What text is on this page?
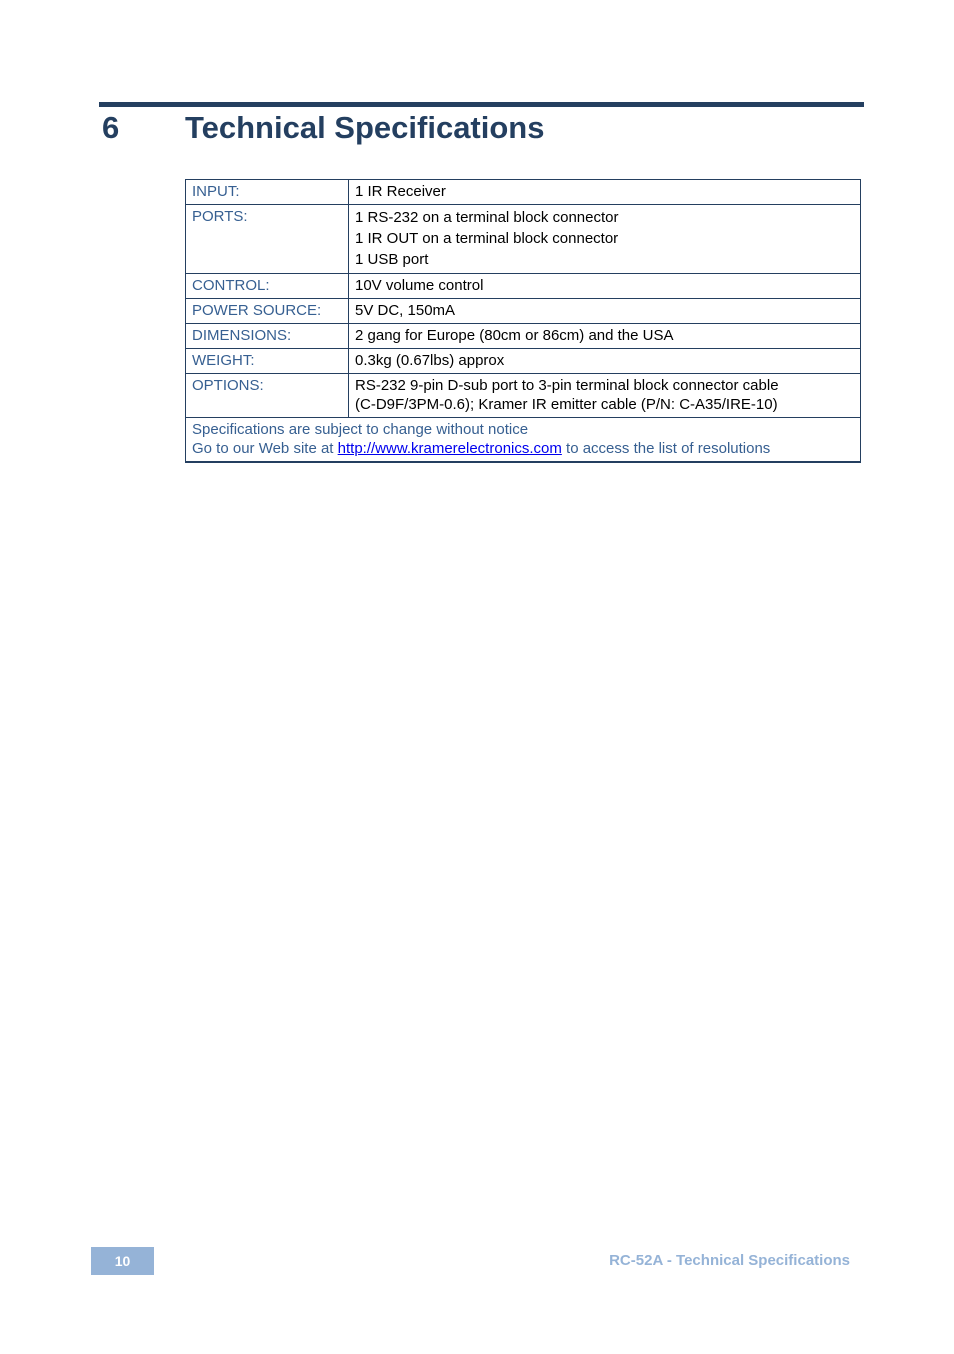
6 Technical Specifications
INPUT:	1 IR Receiver

PORTS:	1 RS-232 on a terminal block connector
1 IR OUT on a terminal block connector
1 USB port

CONTROL:	10V volume control

POWER SOURCE:	5V DC, 150mA

DIMENSIONS:	2 gang for Europe (80cm or 86cm) and the USA

WEIGHT:	0.3kg (0.67lbs) approx

OPTIONS:	RS-232 9-pin D-sub port to 3-pin terminal block connector cable
(C-D9F/3PM-0.6); Kramer IR emitter cable (P/N: C-A35/IRE-10)

Specifications are subject to change without notice
Go to our Web site at http://www.kramerelectronics.com to access the list of resolutions	
10	RC-52A - Technical Specifications
